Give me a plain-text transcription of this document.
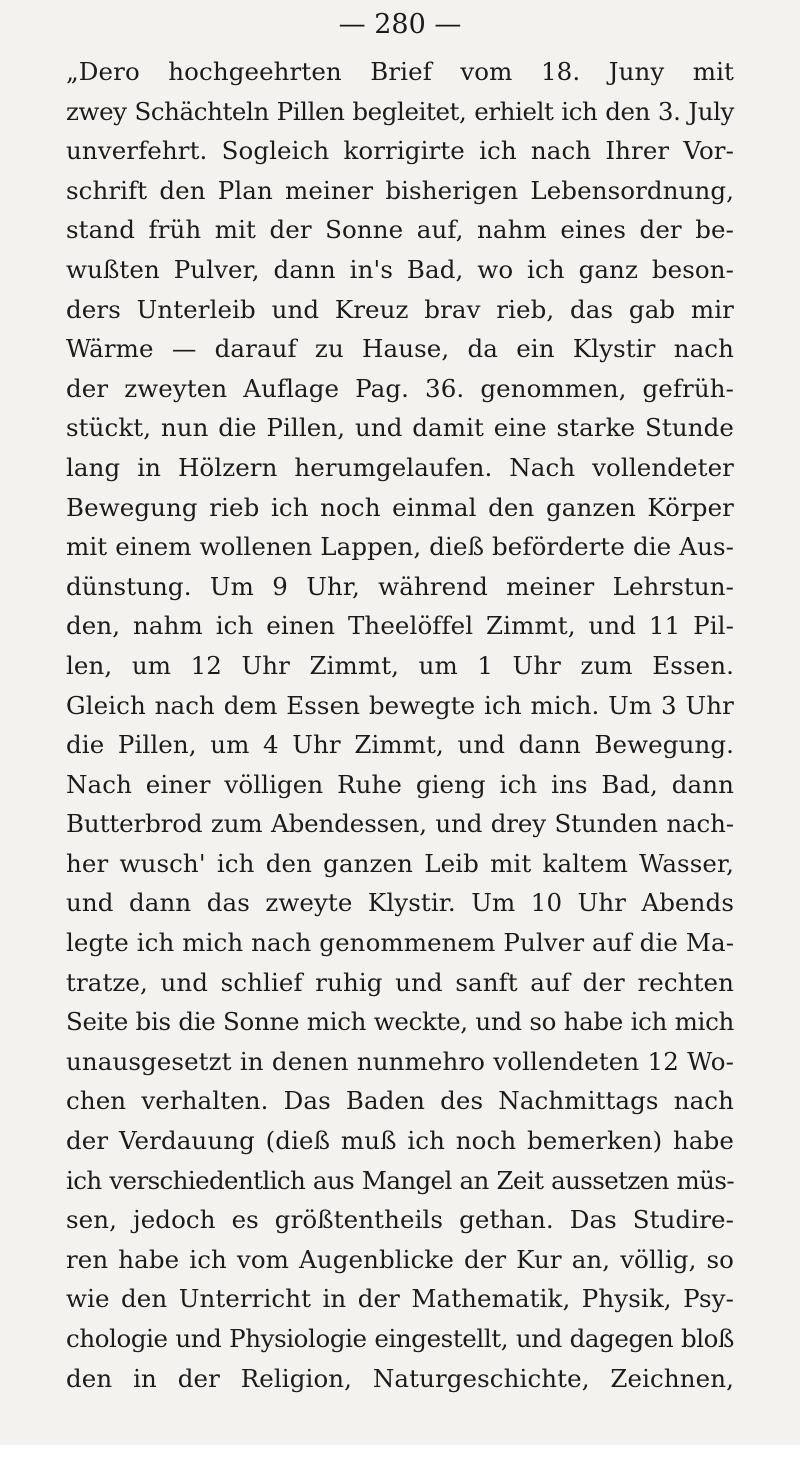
— 280 —
„Dero hochgeehrten Brief vom 18. Juny mit
zwey Schächteln Pillen begleitet, erhielt ich den 3. July
unverfehrt. Sogleich korrigirte ich nach Ihrer Vor-
schrift den Plan meiner bisherigen Lebensordnung,
stand früh mit der Sonne auf, nahm eines der be-
wußten Pulver, dann in's Bad, wo ich ganz beson-
ders Unterleib und Kreuz brav rieb, das gab mir
Wärme — darauf zu Hause, da ein Klystir nach
der zweyten Auflage Pag. 36. genommen, gefrüh-
stückt, nun die Pillen, und damit eine starke Stunde
lang in Hölzern herumgelaufen. Nach vollendeter
Bewegung rieb ich noch einmal den ganzen Körper
mit einem wollenen Lappen, dieß beförderte die Aus-
dünstung. Um 9 Uhr, während meiner Lehrstun-
den, nahm ich einen Theelöffel Zimmt, und 11 Pil-
len, um 12 Uhr Zimmt, um 1 Uhr zum Essen.
Gleich nach dem Essen bewegte ich mich. Um 3 Uhr
die Pillen, um 4 Uhr Zimmt, und dann Bewegung.
Nach einer völligen Ruhe gieng ich ins Bad, dann
Butterbrod zum Abendessen, und drey Stunden nach-
her wusch' ich den ganzen Leib mit kaltem Wasser,
und dann das zweyte Klystir. Um 10 Uhr Abends
legte ich mich nach genommenem Pulver auf die Ma-
tratze, und schlief ruhig und sanft auf der rechten
Seite bis die Sonne mich weckte, und so habe ich mich
unausgesetzt in denen nunmehro vollendeten 12 Wo-
chen verhalten. Das Baden des Nachmittags nach
der Verdauung (dieß muß ich noch bemerken) habe
ich verschiedentlich aus Mangel an Zeit aussetzen müs-
sen, jedoch es größtentheils gethan. Das Studire-
ren habe ich vom Augenblicke der Kur an, völlig, so
wie den Unterricht in der Mathematik, Physik, Psy-
chologie und Physiologie eingestellt, und dagegen bloß
den in der Religion, Naturgeschichte, Zeichnen,
